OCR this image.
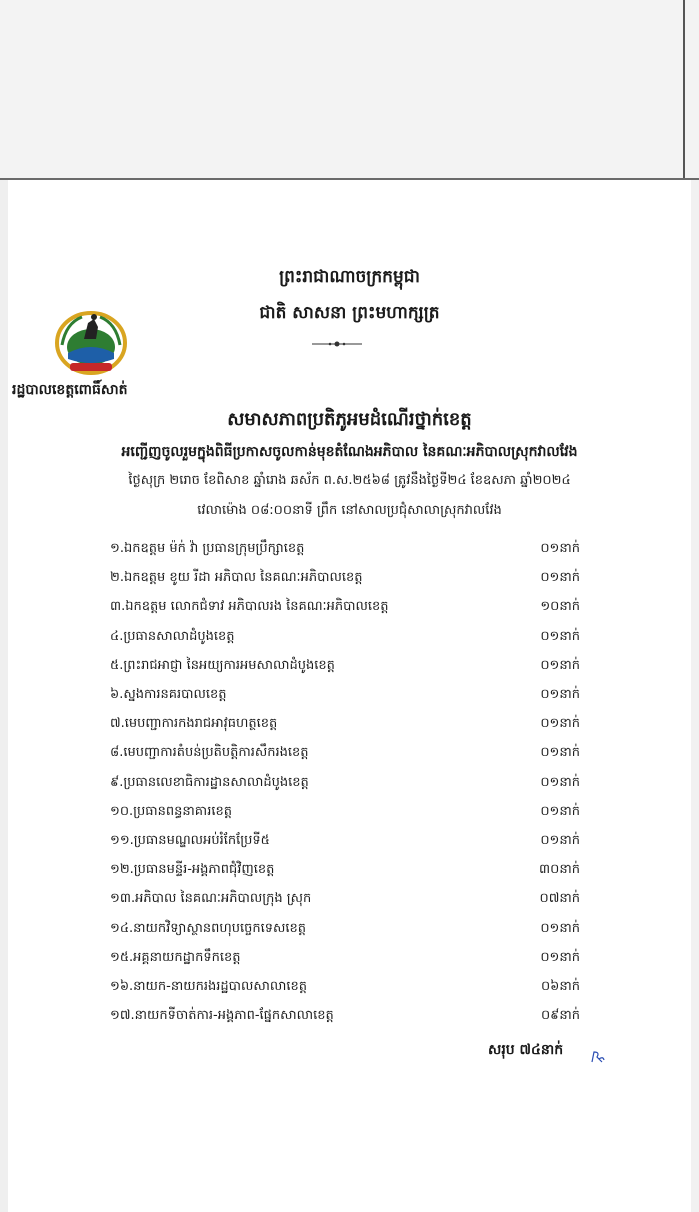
ព្រះរាជាណាចក្រកម្ពុជា
ជាតិ សាសនា ព្រះមហាក្សត្រ
រដ្ឋបាលខេត្តពោធិ៍សាត់
សមាសភាពប្រតិភូអមដំណើរថ្នាក់ខេត្ត
អញ្ជើញចូលរួមក្នុងពិធីប្រកាសចូលកាន់មុខតំណែងអភិបាល នៃគណៈអភិបាលស្រុកវាលវែង
ថ្ងៃសុក្រ ២រោច ខែពិសាខ ឆ្នាំរោង ឆស័ក ព.ស.២៥៦៨ ត្រូវនឹងថ្ងៃទី២៤ ខែឧសភា ឆ្នាំ២០២៤
វេលាម៉ោង ០៨:០០នាទី ព្រឹក នៅសាលប្រជុំសាលាស្រុកវាលវែង
១.ឯកឧត្តម ម៉ក់ វ៉ា ប្រធានក្រុមប្រឹក្សាខេត្ត	០១នាក់
២.ឯកឧត្តម ខូយ រីដា អភិបាល នៃគណៈអភិបាលខេត្ត	០១នាក់
៣.ឯកឧត្តម លោកជំទាវ អភិបាលរង នៃគណៈអភិបាលខេត្ត	១០នាក់
៤.ប្រធានសាលាដំបូងខេត្ត	០១នាក់
៥.ព្រះរាជអាជ្ញា នៃអយ្យការអមសាលាដំបូងខេត្ត	០១នាក់
៦.ស្នងការនគរបាលខេត្ត	០១នាក់
៧.មេបញ្ជាការកងរាជអាវុធហត្ថខេត្ត	០១នាក់
៨.មេបញ្ជាការតំបន់ប្រតិបត្តិការសឹករងខេត្ត	០១នាក់
៩.ប្រធានលេខាធិការដ្ឋានសាលាដំបូងខេត្ត	០១នាក់
១០.ប្រធានពន្ធនាគារខេត្ត	០១នាក់
១១.ប្រធានមណ្ឌលអប់រំកែប្រែទី៥	០១នាក់
១២.ប្រធានមន្ទីរ-អង្គភាពជុំវិញខេត្ត	៣០នាក់
១៣.អភិបាល នៃគណៈអភិបាលក្រុង ស្រុក	០៧នាក់
១៤.នាយកវិទ្យាស្ថានពហុបច្ចេកទេសខេត្ត	០១នាក់
១៥.អគ្គនាយកដ្ឋាកទឹកខេត្ត	០១នាក់
១៦.នាយក-នាយករងរដ្ឋបាលសាលាខេត្ត	០៦នាក់
១៧.នាយកទីចាត់ការ-អង្គភាព-ផ្នែកសាលាខេត្ត	០៩នាក់
សរុប ៧៤នាក់
